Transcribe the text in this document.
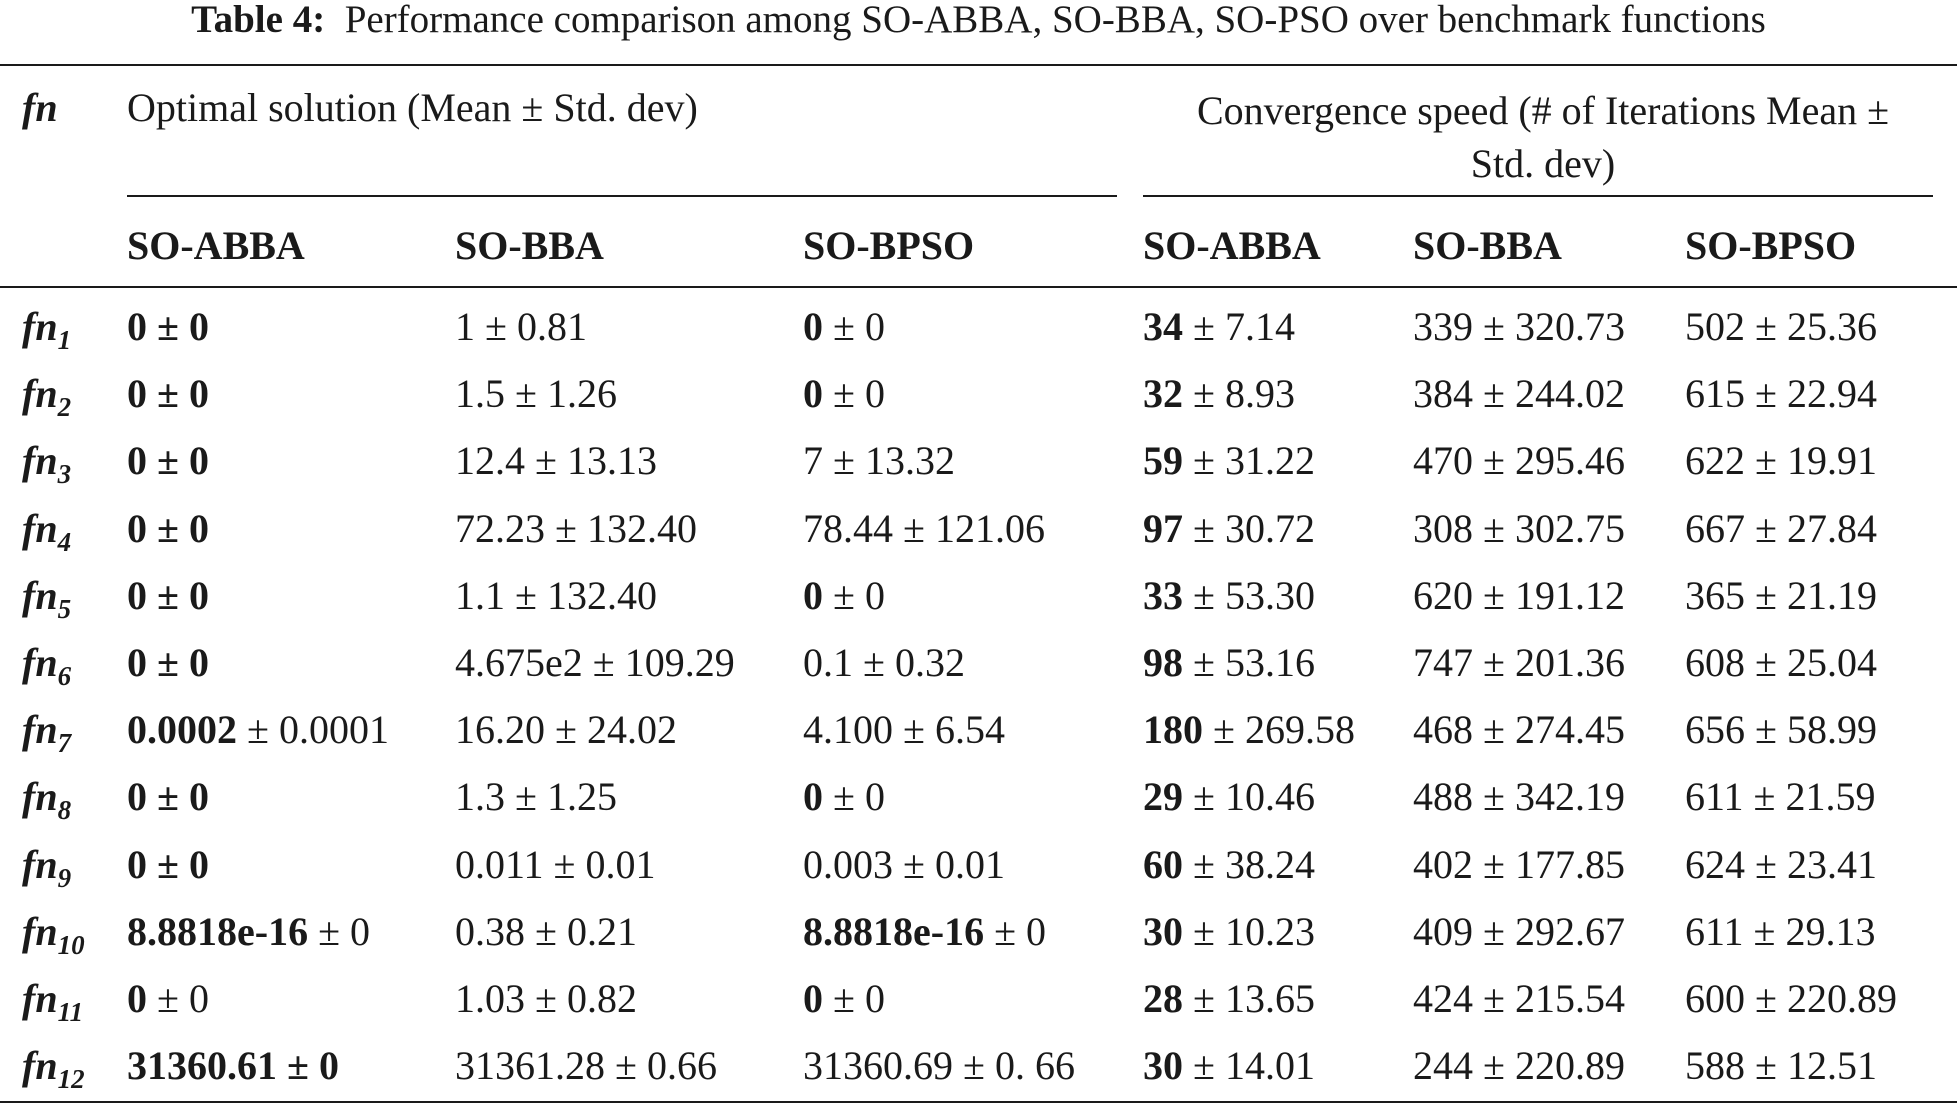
Table 4: Performance comparison among SO-ABBA, SO-BBA, SO-PSO over benchmark functions
fn Optimal solution (Mean ± Std. dev)	Convergence speed (# of Iterations Mean ±
Std. dev)
SO-ABBA	SO-BBA	SO-BPSO	SO-ABBA SO-BBA	SO-BPSO
$fn_1$ 0 ± 0	1 ± 0.81	0 ± 0	34 ± 7.14	339 ± 320.73 502 ± 25.36
$fn_2$ 0 ± 0	1.5 ± 1.26	0 ± 0	32 ± 8.93	384 ± 244.02 615 ± 22.94
$fn_3$ 0 ± 0	12.4 ± 13.13	7 ± 13.32	59 ± 31.22 470 ± 295.46 622 ± 19.91
$fn_4$ 0 ± 0	72.23 ± 132.40	78.44 ± 121.06 97 ± 30.72 308 ± 302.75 667 ± 27.84
$fn_5$ 0 ± 0	1.1 ± 132.40	0 ± 0	33 ± 53.30 620 ± 191.12 365 ± 21.19
$fn_6$ 0 ± 0	4.675e2 ± 109.29 0.1 ± 0.32	98 ± 53.16 747 ± 201.36 608 ± 25.04
$fn_7$ 0.0002 ± 0.0001 16.20 ± 24.02	4.100 ± 6.54	180 ± 269.58 468 ± 274.45 656 ± 58.99
$fn_8$ 0 ± 0	1.3 ± 1.25	0 ± 0	29 ± 10.46 488 ± 342.19 611 ± 21.59
$fn_9$ 0 ± 0	0.011 ± 0.01	0.003 ± 0.01	60 ± 38.24 402 ± 177.85 624 ± 23.41
$fn_{10}$ 8.8818e-16 ± 0 0.38 ± 0.21	8.8818e-16 ± 0 30 ± 10.23 409 ± 292.67 611 ± 29.13
$fn_{11}$ 0 ± 0	1.03 ± 0.82	0 ± 0	28 ± 13.65 424 ± 215.54 600 ± 220.89
$fn_{12}$ 31360.61 ± 0	31361.28 ± 0.66 31360.69 ± 0. 66 30 ± 14.01 244 ± 220.89 588 ± 12.51
